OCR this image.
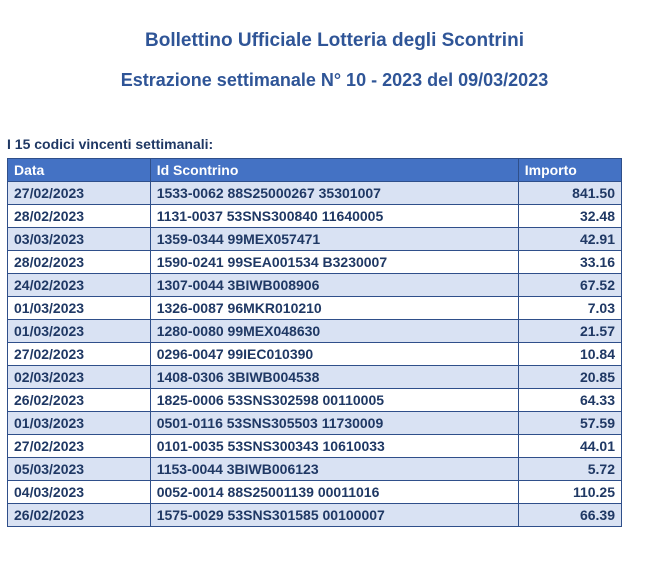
Bollettino Ufficiale Lotteria degli Scontrini
Estrazione settimanale N° 10 - 2023 del 09/03/2023

I 15 codici vincenti settimanali:

Data	Id Scontrino	Importo
27/02/2023	1533-0062 88S25000267 35301007	841.50
28/02/2023	1131-0037 53SNS300840 11640005	32.48
03/03/2023	1359-0344 99MEX057471	42.91
28/02/2023	1590-0241 99SEA001534 B3230007	33.16
24/02/2023	1307-0044 3BIWB008906	67.52
01/03/2023	1326-0087 96MKR010210	7.03
01/03/2023	1280-0080 99MEX048630	21.57
27/02/2023	0296-0047 99IEC010390	10.84
02/03/2023	1408-0306 3BIWB004538	20.85
26/02/2023	1825-0006 53SNS302598 00110005	64.33
01/03/2023	0501-0116 53SNS305503 11730009	57.59
27/02/2023	0101-0035 53SNS300343 10610033	44.01
05/03/2023	1153-0044 3BIWB006123	5.72
04/03/2023	0052-0014 88S25001139 00011016	110.25
26/02/2023	1575-0029 53SNS301585 00100007	66.39
